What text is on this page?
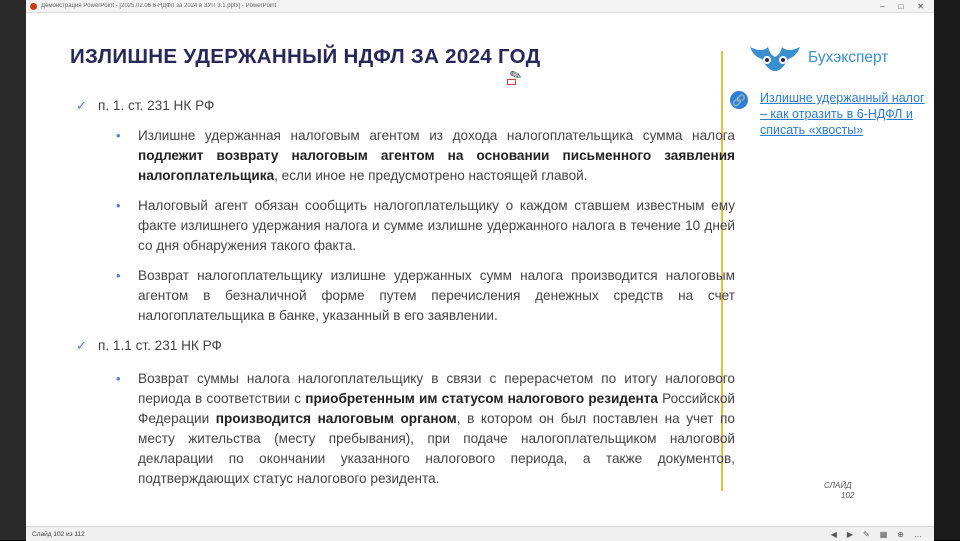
Демонстрация PowerPoint - [2025.02.06 6-НДФЛ за 2024 в ЗУП 3.1.pptx] - PowerPoint	– □ ✕
ИЗЛИШНЕ УДЕРЖАННЫЙ НДФЛ ЗА 2024 ГОД
✎
✓ п. 1. ст. 231 НК РФ
• Излишне удержанная налоговым агентом из дохода налогоплательщика сумма налога подлежит возврату налоговым агентом на основании письменного заявления налогоплательщика, если иное не предусмотрено настоящей главой.
• Налоговый агент обязан сообщить налогоплательщику о каждом ставшем известным ему факте излишнего удержания налога и сумме излишне удержанного налога в течение 10 дней со дня обнаружения такого факта.
• Возврат налогоплательщику излишне удержанных сумм налога производится налоговым агентом в безналичной форме путем перечисления денежных средств на счет налогоплательщика в банке, указанный в его заявлении.
✓ п. 1.1 ст. 231 НК РФ
• Возврат суммы налога налогоплательщику в связи с перерасчетом по итогу налогового периода в соответствии с приобретенным им статусом налогового резидента Российской Федерации производится налоговым органом, в котором он был поставлен на учет по месту жительства (месту пребывания), при подаче налогоплательщиком налоговой декларации по окончании указанного налогового периода, а также документов, подтверждающих статус налогового резидента.
Бухэксперт
🔗 Излишне удержанный налог – как отразить в 6-НДФЛ и списать «хвосты»
СЛАЙД
102
Слайд 102 из 112	◀ ▶ ✎ ▦ ⊕ …
